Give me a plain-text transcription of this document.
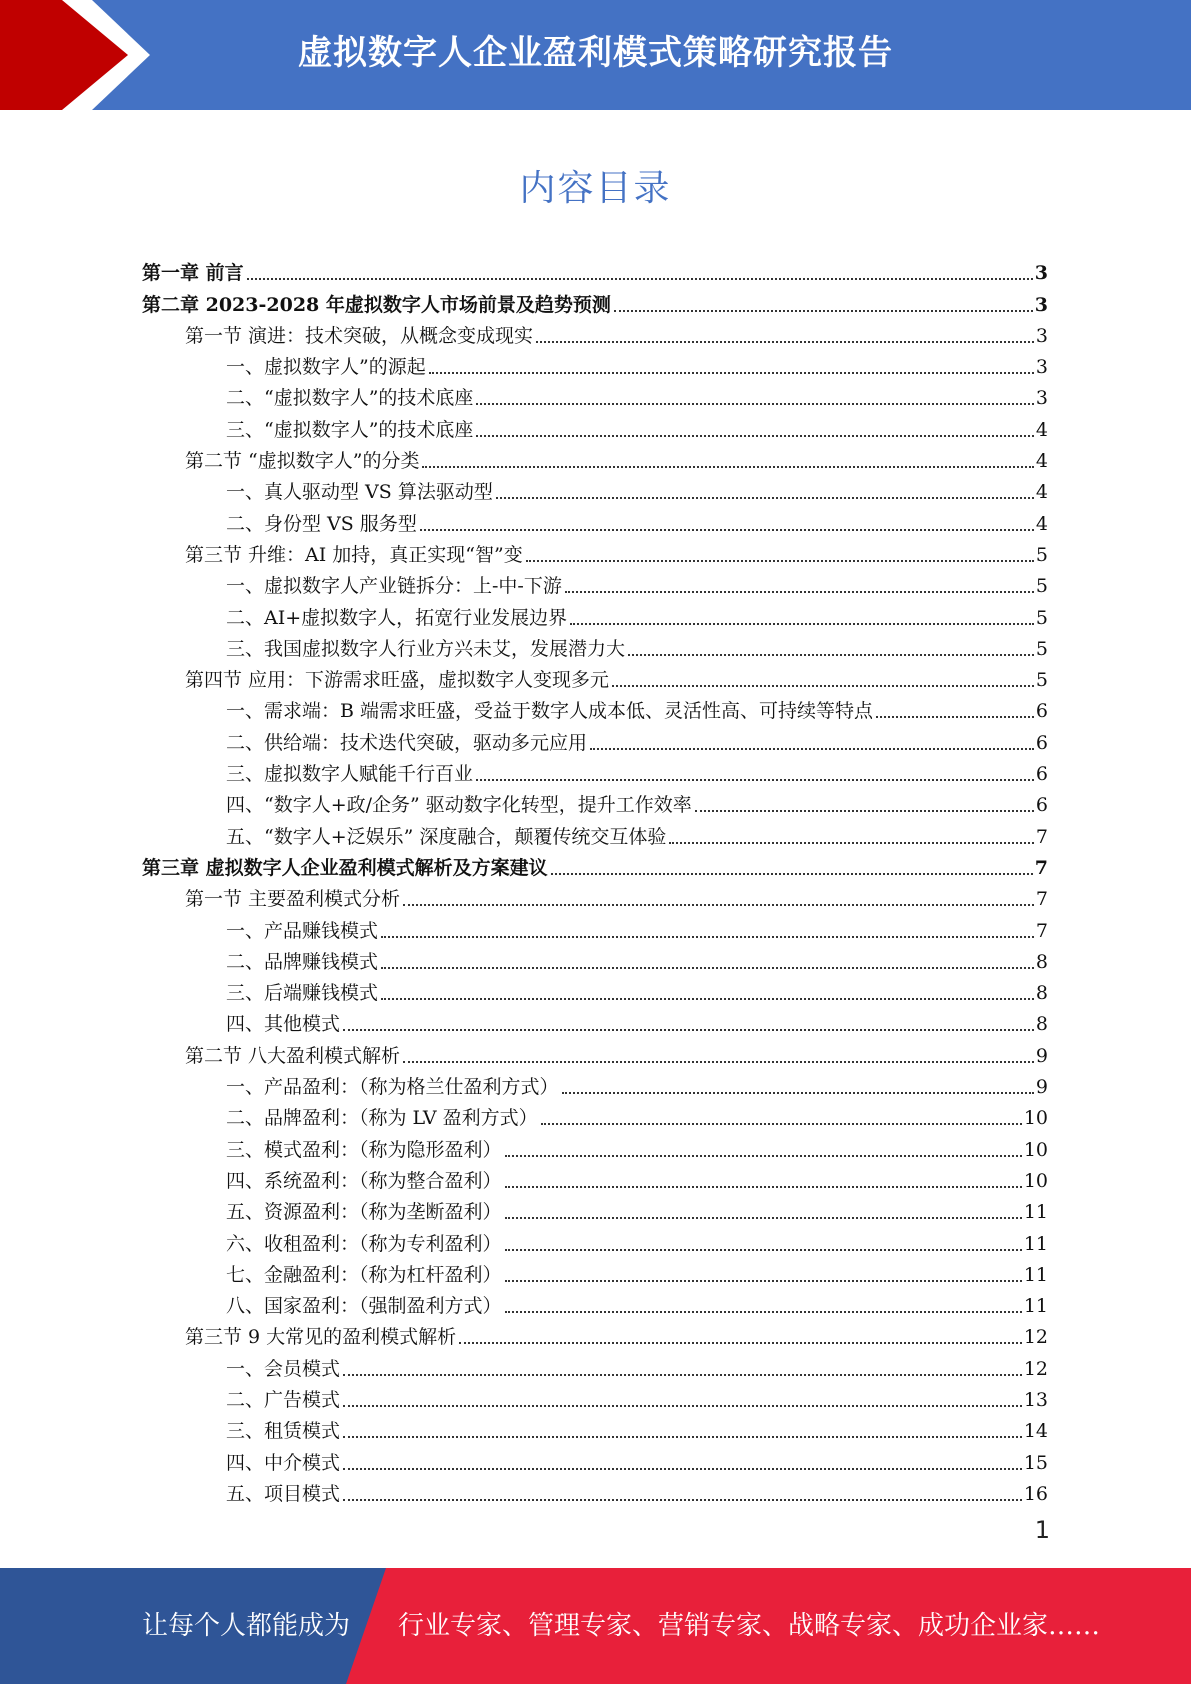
虚拟数字人企业盈利模式策略研究报告
内容目录
第一章 前言	3
第二章 2023-2028 年虚拟数字人市场前景及趋势预测	3
第一节 演进：技术突破，从概念变成现实	3
一、虚拟数字人”的源起	3
二、“虚拟数字人”的技术底座	3
三、“虚拟数字人”的技术底座	4
第二节 “虚拟数字人”的分类	4
一、真人驱动型 VS 算法驱动型	4
二、身份型 VS 服务型	4
第三节 升维：AI 加持，真正实现“智”变	5
一、虚拟数字人产业链拆分：上-中-下游	5
二、AI+虚拟数字人，拓宽行业发展边界	5
三、我国虚拟数字人行业方兴未艾，发展潜力大	5
第四节 应用：下游需求旺盛，虚拟数字人变现多元	5
一、需求端：B 端需求旺盛，受益于数字人成本低、灵活性高、可持续等特点	6
二、供给端：技术迭代突破，驱动多元应用	6
三、虚拟数字人赋能千行百业	6
四、“数字人+政/企务” 驱动数字化转型，提升工作效率	6
五、“数字人+泛娱乐” 深度融合，颠覆传统交互体验	7
第三章 虚拟数字人企业盈利模式解析及方案建议	7
第一节 主要盈利模式分析	7
一、产品赚钱模式	7
二、品牌赚钱模式	8
三、后端赚钱模式	8
四、其他模式	8
第二节 八大盈利模式解析	9
一、产品盈利：（称为格兰仕盈利方式）	9
二、品牌盈利：（称为 LV 盈利方式）	10
三、模式盈利：（称为隐形盈利）	10
四、系统盈利：（称为整合盈利）	10
五、资源盈利：（称为垄断盈利）	11
六、收租盈利：（称为专利盈利）	11
七、金融盈利：（称为杠杆盈利）	11
八、国家盈利：（强制盈利方式）	11
第三节 9 大常见的盈利模式解析	12
一、会员模式	12
二、广告模式	13
三、租赁模式	14
四、中介模式	15
五、项目模式	16
1
让每个人都能成为 行业专家、管理专家、营销专家、战略专家、成功企业家……
